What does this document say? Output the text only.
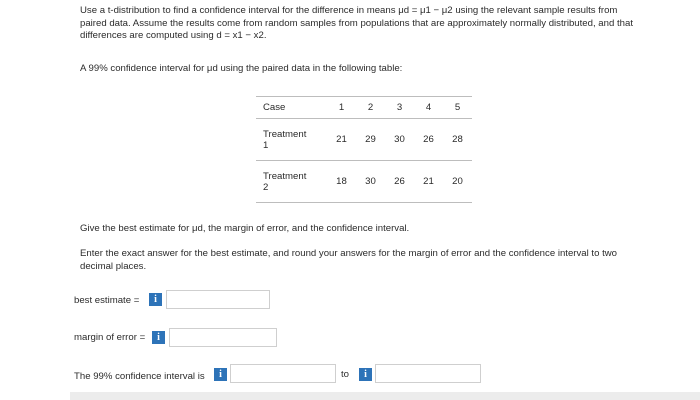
Use a t-distribution to find a confidence interval for the difference in means μd = μ1 − μ2 using the relevant sample results from

paired data. Assume the results come from random samples from populations that are approximately normally distributed, and that

differences are computed using d = x1 − x2.

A 99% confidence interval for μd using the paired data in the following table:
Case	1	2	3	4	5
Treatment
1	21	29	30	26	28
Treatment
2	18	30	26	21	20
Give the best estimate for μd, the margin of error, and the confidence interval.
Enter the exact answer for the best estimate, and round your answers for the margin of error and the confidence interval to two
decimal places.
best estimate =	i
margin of error =	i
The 99% confidence interval is	i	to	i
